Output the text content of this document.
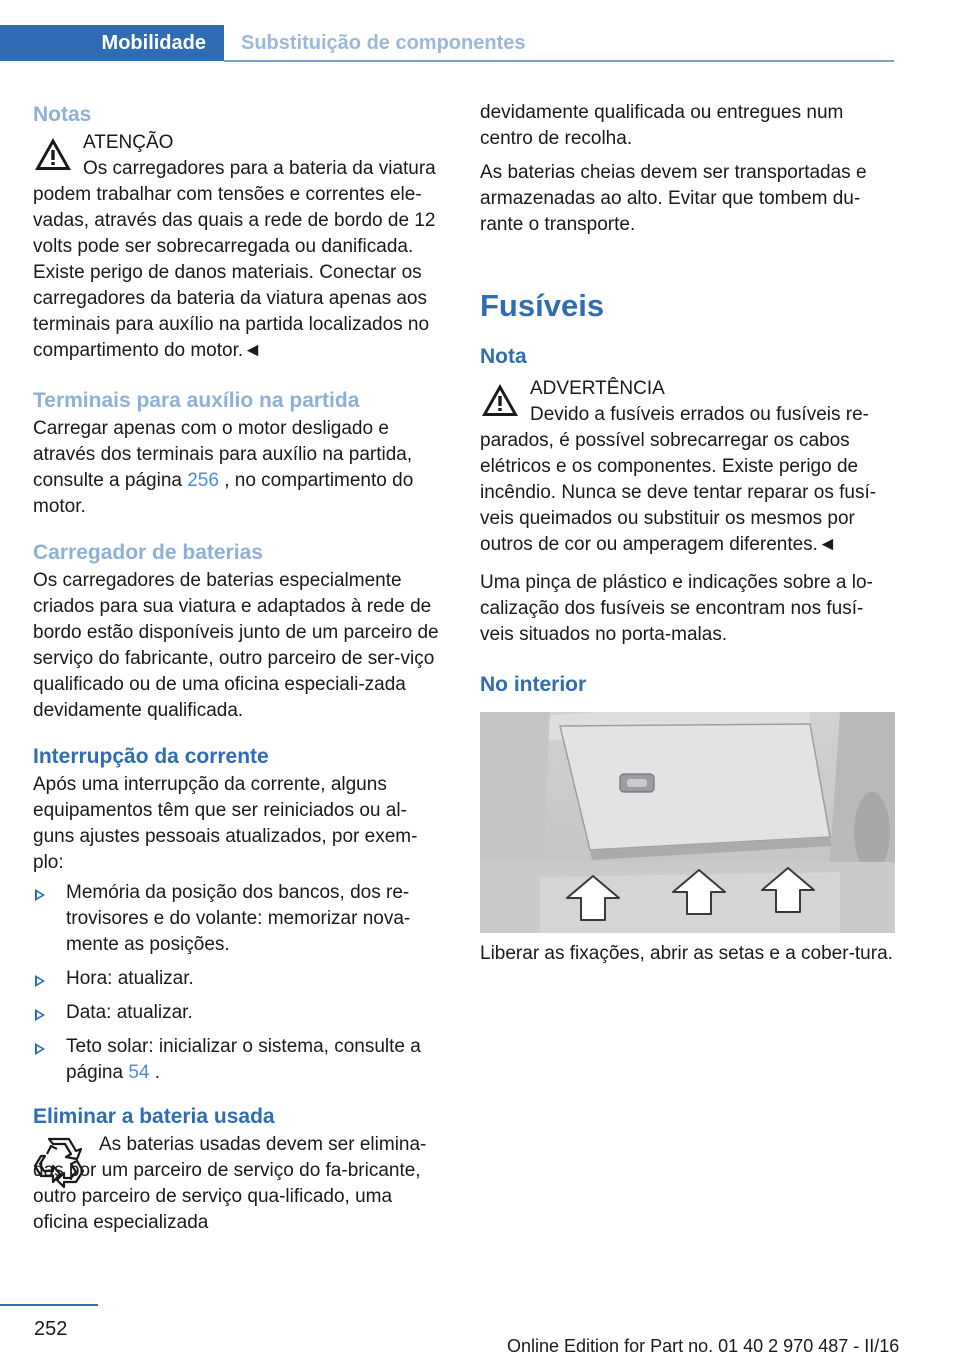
Mobilidade	Substituição de componentes
Notas

ATENÇÃO

Os carregadores para a bateria da viatura podem trabalhar com tensões e correntes ele-vadas, através das quais a rede de bordo de 12 volts pode ser sobrecarregada ou danificada. Existe perigo de danos materiais. Conectar os carregadores da bateria da viatura apenas aos terminais para auxílio na partida localizados no compartimento do motor.◄

Terminais para auxílio na partida

Carregar apenas com o motor desligado e através dos terminais para auxílio na partida, consulte a página 256 , no compartimento do motor.

Carregador de baterias

Os carregadores de baterias especialmente criados para sua viatura e adaptados à rede de bordo estão disponíveis junto de um parceiro de serviço do fabricante, outro parceiro de ser-viço qualificado ou de uma oficina especiali-zada devidamente qualificada.

Interrupção da corrente

Após uma interrupção da corrente, alguns equipamentos têm que ser reiniciados ou al-guns ajustes pessoais atualizados, por exem-plo:

Memória da posição dos bancos, dos re-trovisores e do volante: memorizar nova-mente as posições.
Hora: atualizar.
Data: atualizar.
Teto solar: inicializar o sistema, consulte a página 54 .
Eliminar a bateria usada

As baterias usadas devem ser elimina-das por um parceiro de serviço do fa-bricante, outro parceiro de serviço qua-lificado, uma oficina especializada

devidamente qualificada ou entregues num centro de recolha.

As baterias cheias devem ser transportadas e armazenadas ao alto. Evitar que tombem du-rante o transporte.

Fusíveis
Nota

ADVERTÊNCIA

Devido a fusíveis errados ou fusíveis re-parados, é possível sobrecarregar os cabos elétricos e os componentes. Existe perigo de incêndio. Nunca se deve tentar reparar os fusí-veis queimados ou substituir os mesmos por outros de cor ou amperagem diferentes.◄

Uma pinça de plástico e indicações sobre a lo-calização dos fusíveis se encontram nos fusí-veis situados no porta-malas.

No interior

Liberar as fixações, abrir as setas e a cober-tura.

252
Online Edition for Part no. 01 40 2 970 487 - II/16
